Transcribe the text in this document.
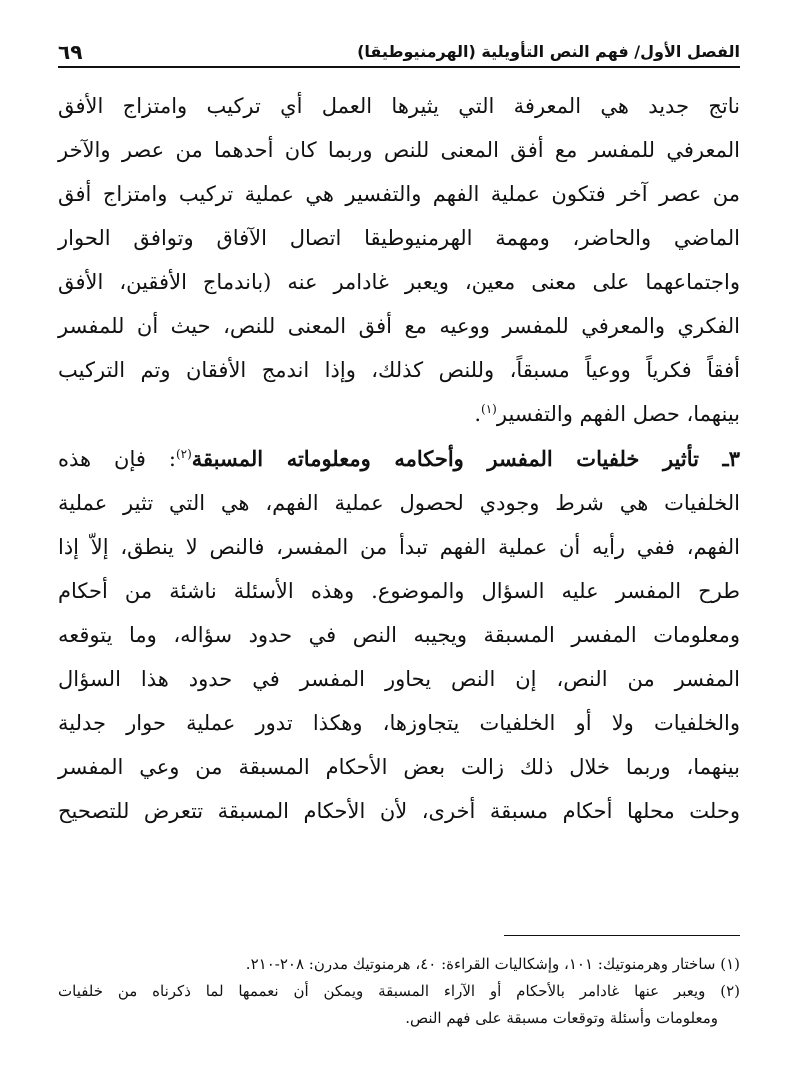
الفصل الأول/ فهم النص التأويلية (الهرمنيوطيقا)
٦٩
ناتج جديد هي المعرفة التي يثيرها العمل أي تركيب وامتزاج الأفق
المعرفي للمفسر مع أفق المعنى للنص وربما كان أحدهما من عصر والآخر
من عصر آخر فتكون عملية الفهم والتفسير هي عملية تركيب وامتزاج أفق
الماضي والحاضر، ومهمة الهرمنيوطيقا اتصال الآفاق وتوافق الحوار
واجتماعهما على معنى معين، ويعبر غادامر عنه (باندماج الأفقين، الأفق
الفكري والمعرفي للمفسر ووعيه مع أفق المعنى للنص، حيث أن للمفسر
أفقاً فكرياً ووعياً مسبقاً، وللنص كذلك، وإذا اندمج الأفقان وتم التركيب
بينهما، حصل الفهم والتفسير$^{(١)}$.
٣ـ تأثير خلفيات المفسر وأحكامه ومعلوماته المسبقة$^{(٢)}$: فإن هذه
الخلفيات هي شرط وجودي لحصول عملية الفهم، هي التي تثير عملية
الفهم، ففي رأيه أن عملية الفهم تبدأ من المفسر، فالنص لا ينطق، إلاّ إذا
طرح المفسر عليه السؤال والموضوع. وهذه الأسئلة ناشئة من أحكام
ومعلومات المفسر المسبقة ويجيبه النص في حدود سؤاله، وما يتوقعه
المفسر من النص، إن النص يحاور المفسر في حدود هذا السؤال
والخلفيات ولا أو الخلفيات يتجاوزها، وهكذا تدور عملية حوار جدلية
بينهما، وربما خلال ذلك زالت بعض الأحكام المسبقة من وعي المفسر
وحلت محلها أحكام مسبقة أخرى، لأن الأحكام المسبقة تتعرض للتصحيح
(١) ساختار وهرمنوتيك: ١٠١، وإشكاليات القراءة: ٤٠، هرمنوتيك مدرن: ٢٠٨-٢١٠.
(٢) ويعبر عنها غادامر بالأحكام أو الآراء المسبقة ويمكن أن نعممها لما ذكرناه من خلفيات
ومعلومات وأسئلة وتوقعات مسبقة على فهم النص.
